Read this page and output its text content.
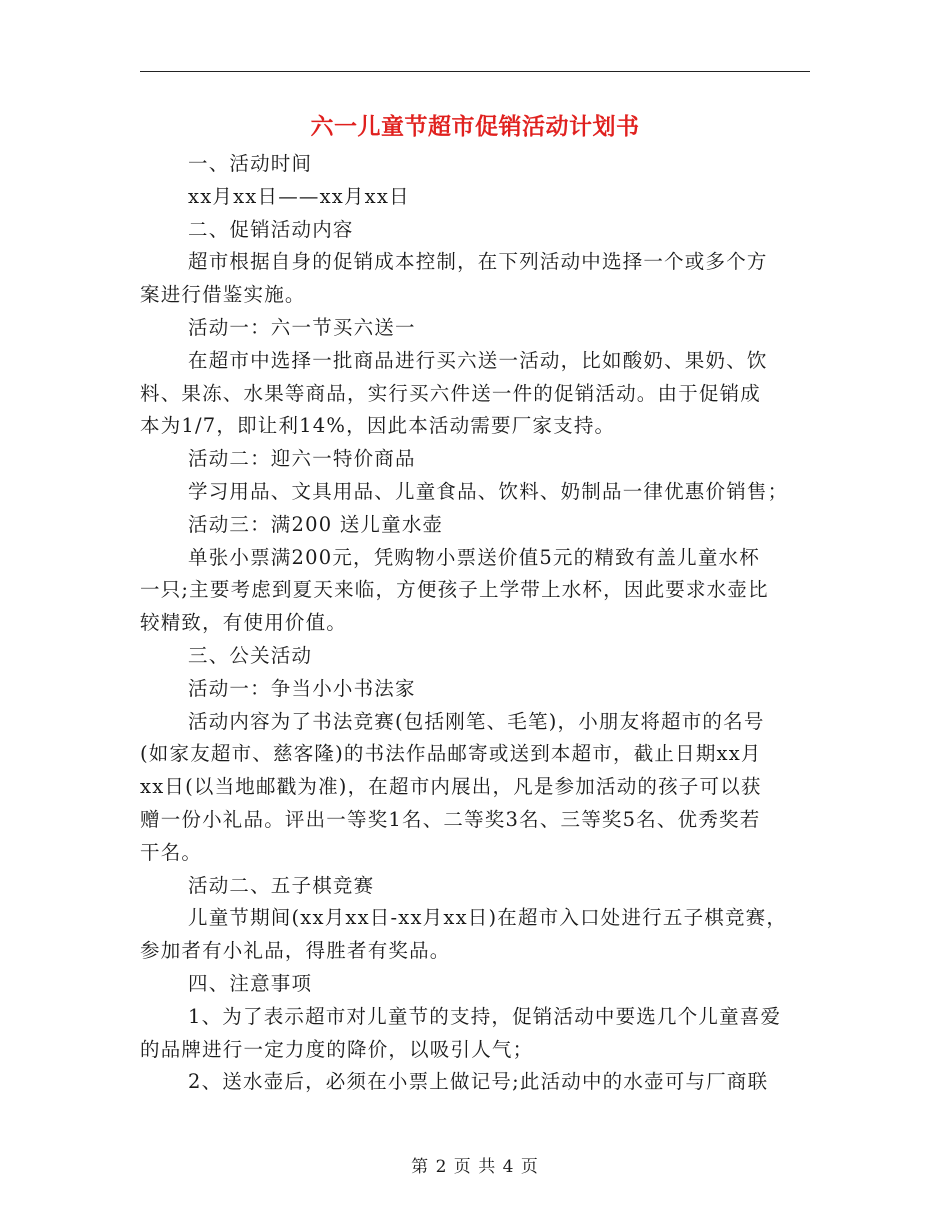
六一儿童节超市促销活动计划书
一、活动时间
xx月xx日——xx月xx日
二、促销活动内容
超市根据自身的促销成本控制，在下列活动中选择一个或多个方
案进行借鉴实施。
活动一：六一节买六送一
在超市中选择一批商品进行买六送一活动，比如酸奶、果奶、饮
料、果冻、水果等商品，实行买六件送一件的促销活动。由于促销成
本为1/7，即让利14%，因此本活动需要厂家支持。
活动二：迎六一特价商品
学习用品、文具用品、儿童食品、饮料、奶制品一律优惠价销售；
活动三：满200 送儿童水壶
单张小票满200元，凭购物小票送价值5元的精致有盖儿童水杯
一只;主要考虑到夏天来临，方便孩子上学带上水杯，因此要求水壶比
较精致，有使用价值。
三、公关活动
活动一：争当小小书法家
活动内容为了书法竞赛(包括刚笔、毛笔)，小朋友将超市的名号
(如家友超市、慈客隆)的书法作品邮寄或送到本超市，截止日期xx月
xx日(以当地邮戳为准)，在超市内展出，凡是参加活动的孩子可以获
赠一份小礼品。评出一等奖1名、二等奖3名、三等奖5名、优秀奖若
干名。
活动二、五子棋竞赛
儿童节期间(xx月xx日-xx月xx日)在超市入口处进行五子棋竞赛，
参加者有小礼品，得胜者有奖品。
四、注意事项
1、为了表示超市对儿童节的支持，促销活动中要选几个儿童喜爱
的品牌进行一定力度的降价，以吸引人气；
2、送水壶后，必须在小票上做记号;此活动中的水壶可与厂商联
第 2 页 共 4 页
